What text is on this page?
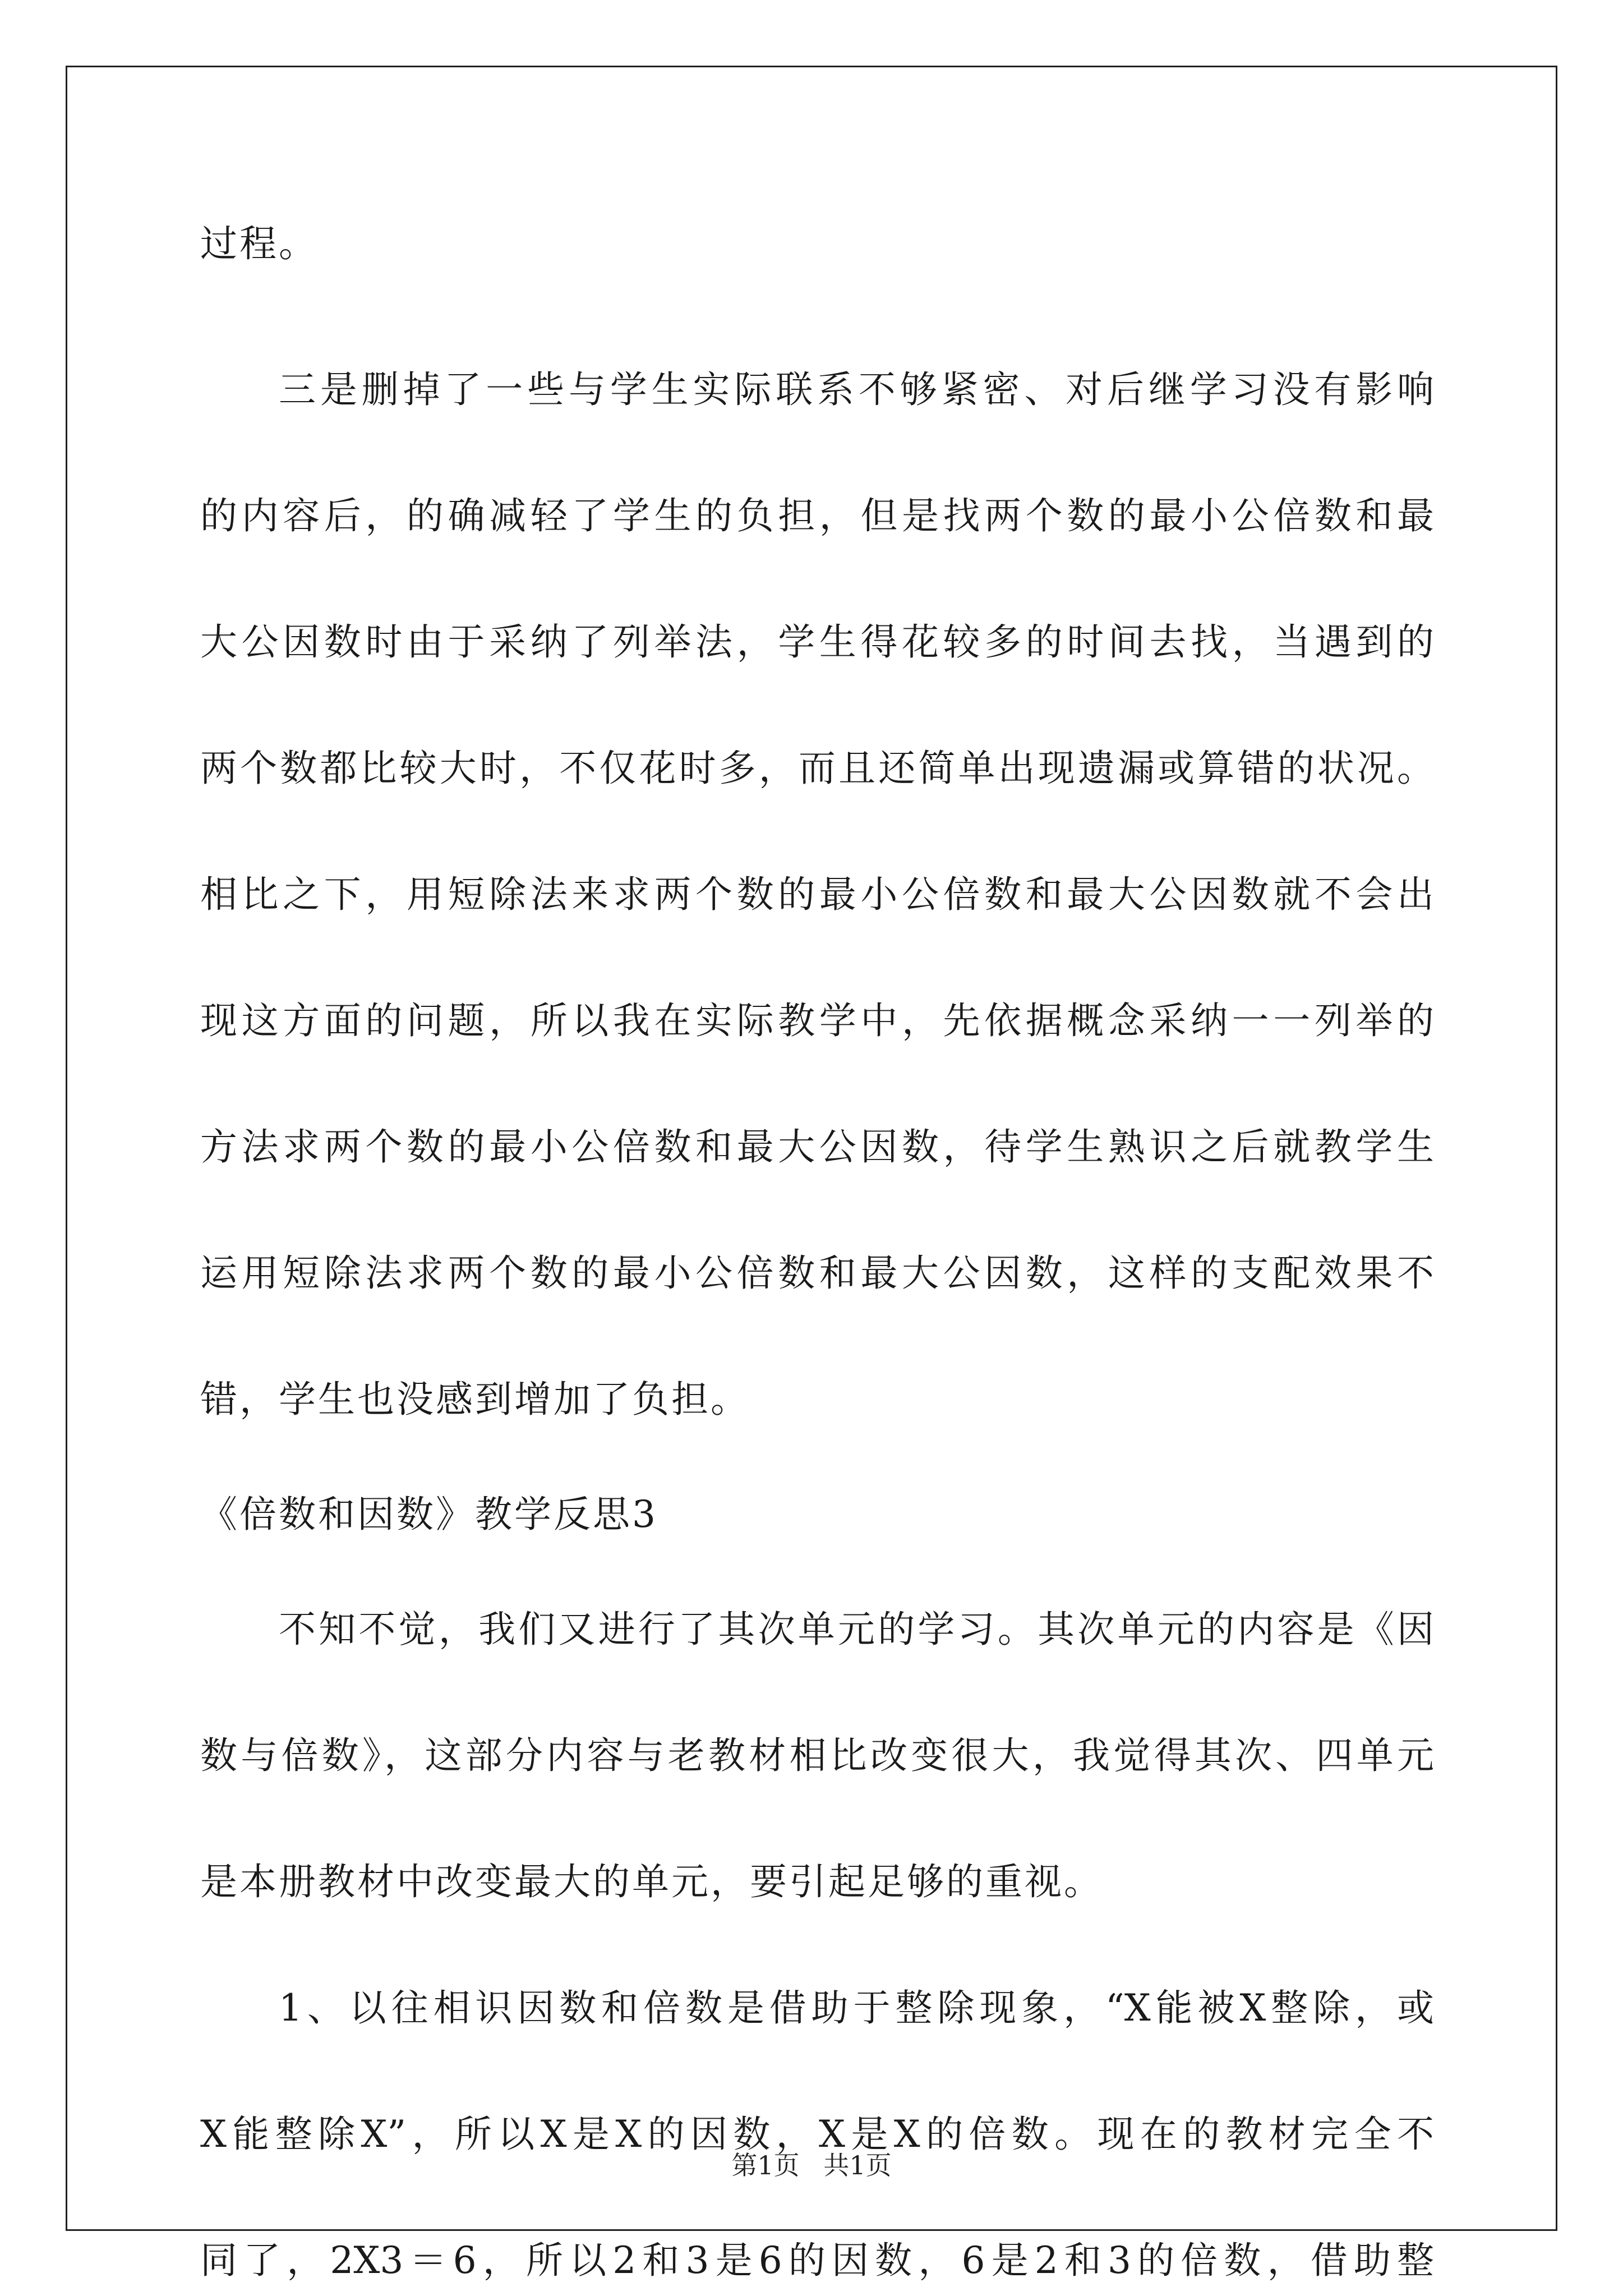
过程。
三是删掉了一些与学生实际联系不够紧密、对后继学习没有影响
的内容后，的确减轻了学生的负担，但是找两个数的最小公倍数和最
大公因数时由于采纳了列举法，学生得花较多的时间去找，当遇到的
两个数都比较大时，不仅花时多，而且还简单出现遗漏或算错的状况。
相比之下，用短除法来求两个数的最小公倍数和最大公因数就不会出
现这方面的问题，所以我在实际教学中，先依据概念采纳一一列举的
方法求两个数的最小公倍数和最大公因数，待学生熟识之后就教学生
运用短除法求两个数的最小公倍数和最大公因数，这样的支配效果不
错，学生也没感到增加了负担。
《倍数和因数》教学反思3
不知不觉，我们又进行了其次单元的学习。其次单元的内容是《因
数与倍数》，这部分内容与老教材相比改变很大，我觉得其次、四单元
是本册教材中改变最大的单元，要引起足够的重视。
1、以往相识因数和倍数是借助于整除现象，“X能被X整除，或
X能整除X”，所以X是X的因数，X是X的倍数。现在的教材完全不
同了，2X3＝6，所以2和3是6的因数，6是2和3的倍数，借助整
第1页 共1页
